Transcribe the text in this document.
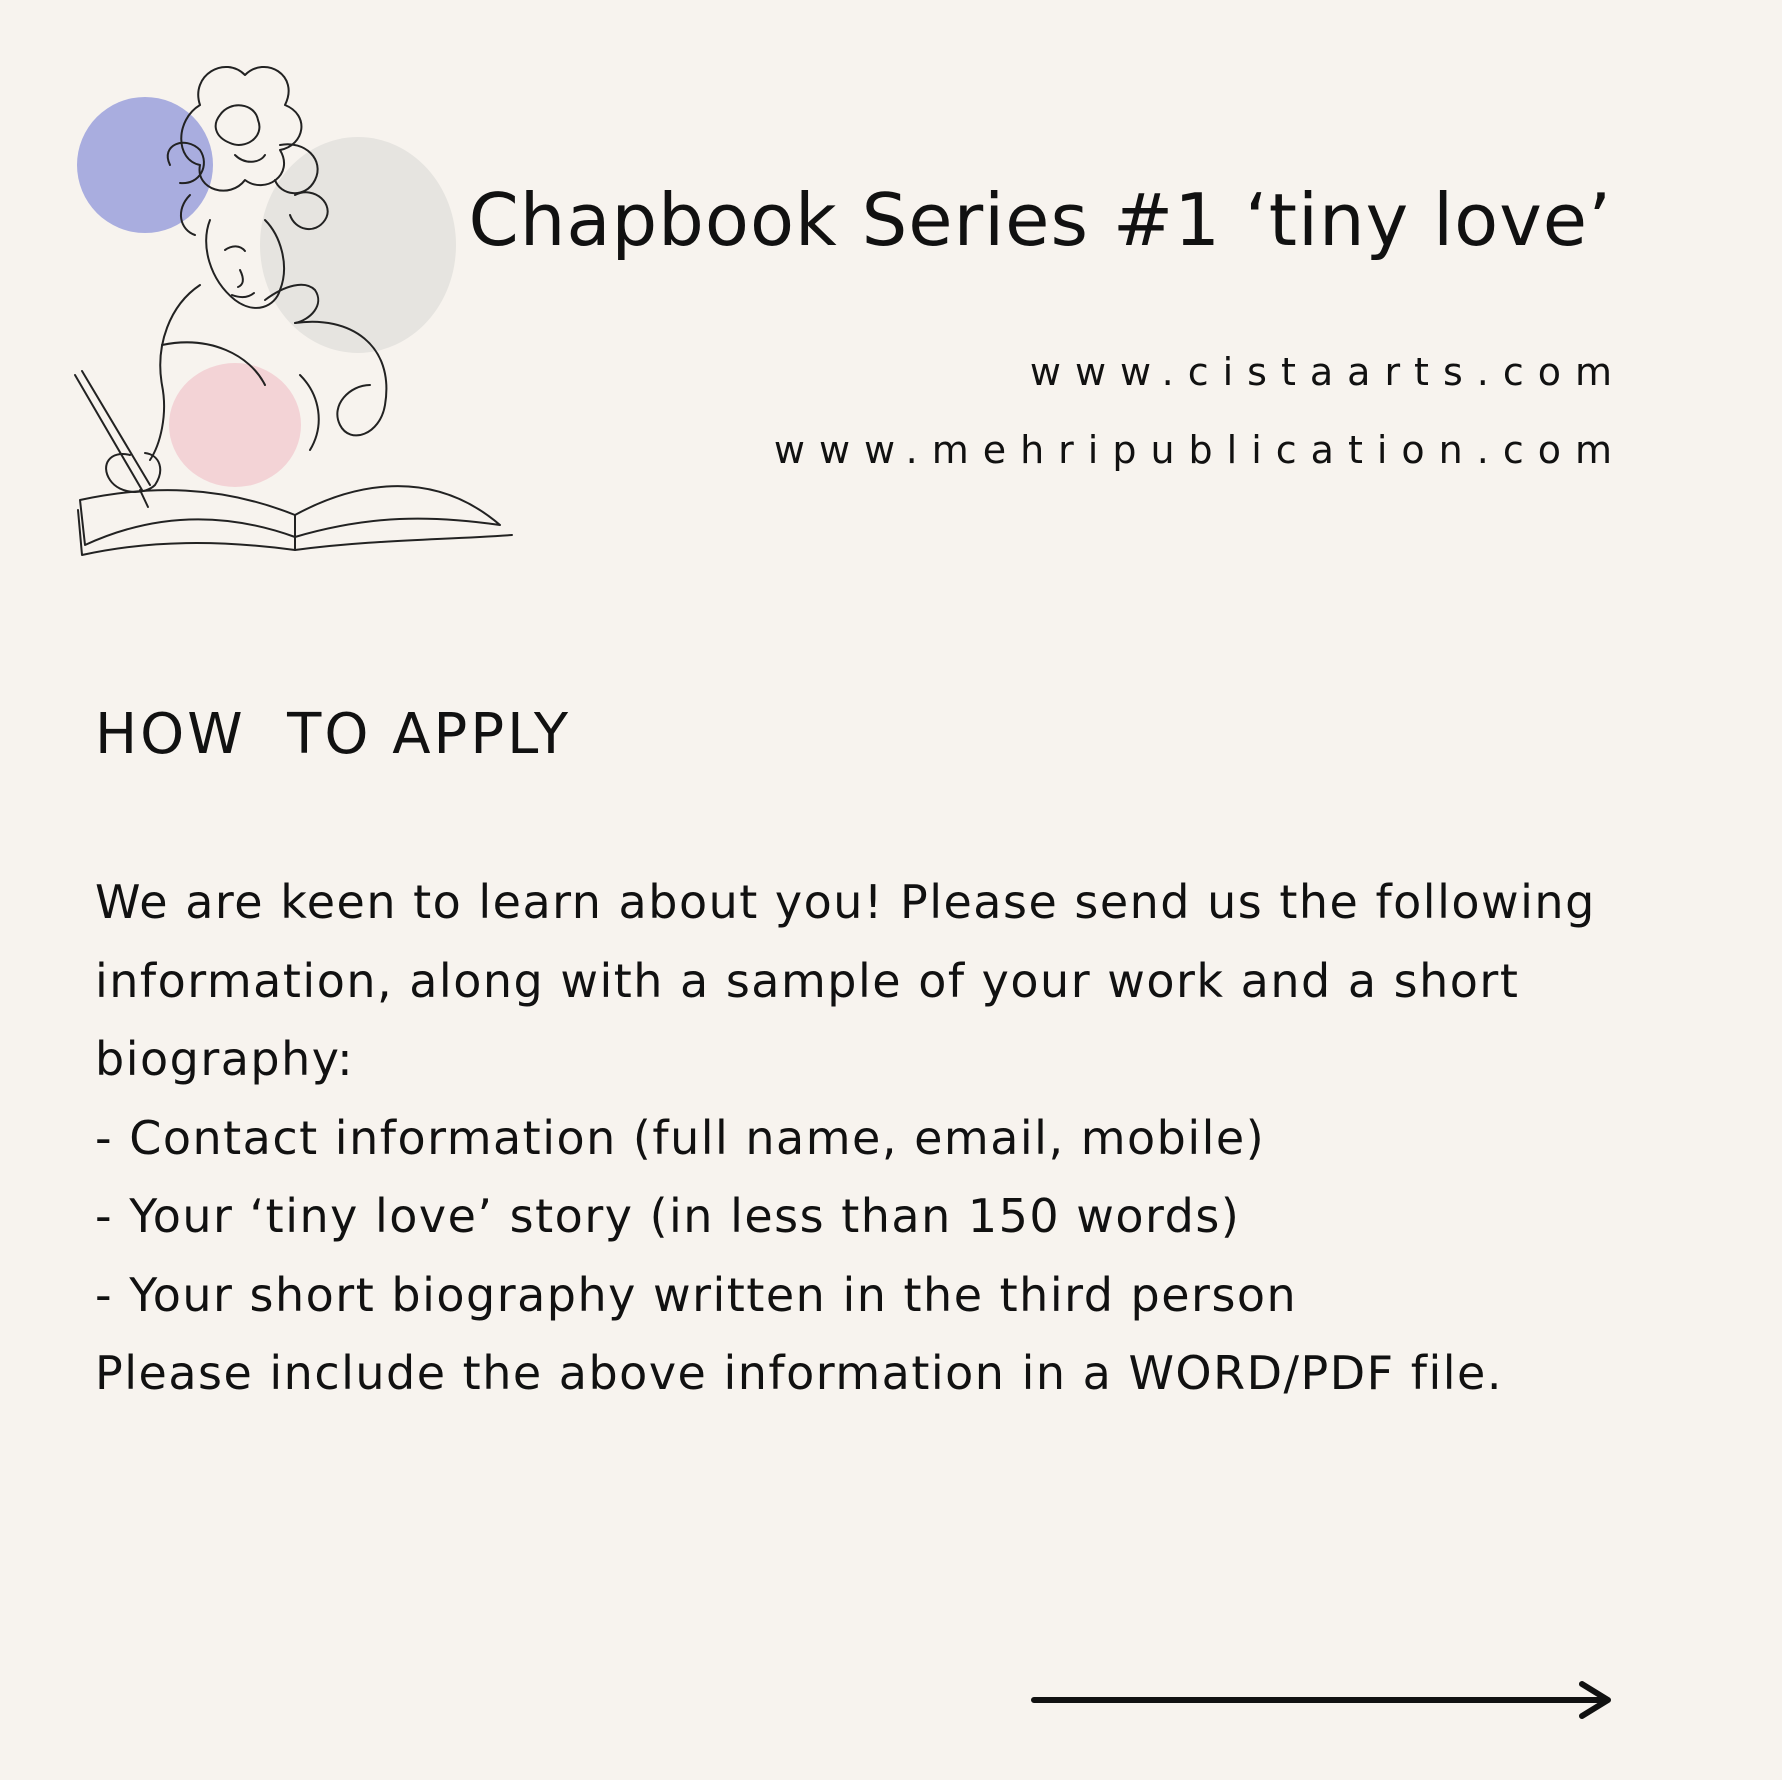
Chapbook Series #1 ‘tiny love’
www.cistaarts.com
www.mehripublication.com
HOW  TO APPLY

We are keen to learn about you! Please send us the following information, along with a sample of your work and a short biography:

- Contact information (full name, email, mobile)

- Your ‘tiny love’ story (in less than 150 words)

- Your short biography written in the third person

Please include the above information in a WORD/PDF file.
